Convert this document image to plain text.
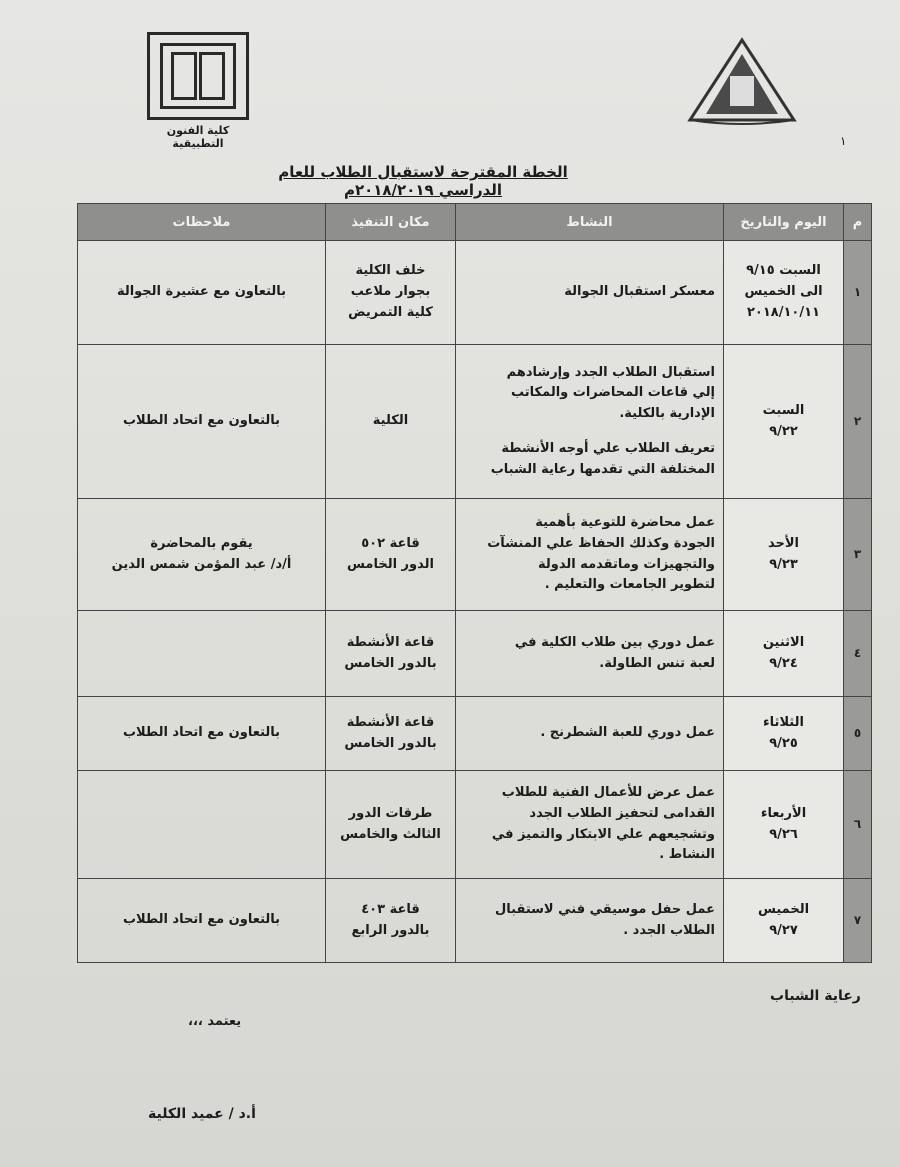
كلية الفنون التطبيقية	١
الخطة المقترحة لاستقبال الطلاب للعام الدراسي ٢٠١٨/٢٠١٩م
م	اليوم والتاريخ	النشاط	مكان التنفيذ	ملاحظات
١	السبت ٩/١٥
الى الخميس
٢٠١٨/١٠/١١	معسكر استقبال الجوالة	خلف الكلية
بجوار ملاعب
كلية التمريض	بالتعاون مع عشيرة الجوالة

٢	السبت
٩/٢٢	استقبال الطلاب الجدد وإرشادهم
إلي قاعات المحاضرات والمكاتب
الإدارية بالكلية.
تعريف الطلاب علي أوجه الأنشطة
المختلفة التي تقدمها رعاية الشباب	الكلية	بالتعاون مع اتحاد الطلاب

٣	الأحد
٩/٢٣	عمل محاضرة للتوعية بأهمية
الجودة وكذلك الحفاظ علي المنشآت
والتجهيزات وماتقدمه الدولة
لتطوير الجامعات والتعليم .	قاعة ٥٠٢
الدور الخامس	يقوم بالمحاضرة
أ/د/ عبد المؤمن شمس الدين

٤	الاثنين
٩/٢٤	عمل دوري بين طلاب الكلية في
لعبة تنس الطاولة.	قاعة الأنشطة
بالدور الخامس	

٥	الثلاثاء
٩/٢٥	عمل دوري للعبة الشطرنج .	قاعة الأنشطة
بالدور الخامس	بالتعاون مع اتحاد الطلاب

٦	الأربعاء
٩/٢٦	عمل عرض للأعمال الفنية للطلاب
القدامى لتحفيز الطلاب الجدد
وتشجيعهم علي الابتكار والتميز في
النشاط .	طرقات الدور
الثالث والخامس	

٧	الخميس
٩/٢٧	عمل حفل موسيقي فني لاستقبال
الطلاب الجدد .	قاعة ٤٠٣
بالدور الرابع	بالتعاون مع اتحاد الطلاب
رعاية الشباب
يعتمد ،،،
أ.د / عميد الكلية
